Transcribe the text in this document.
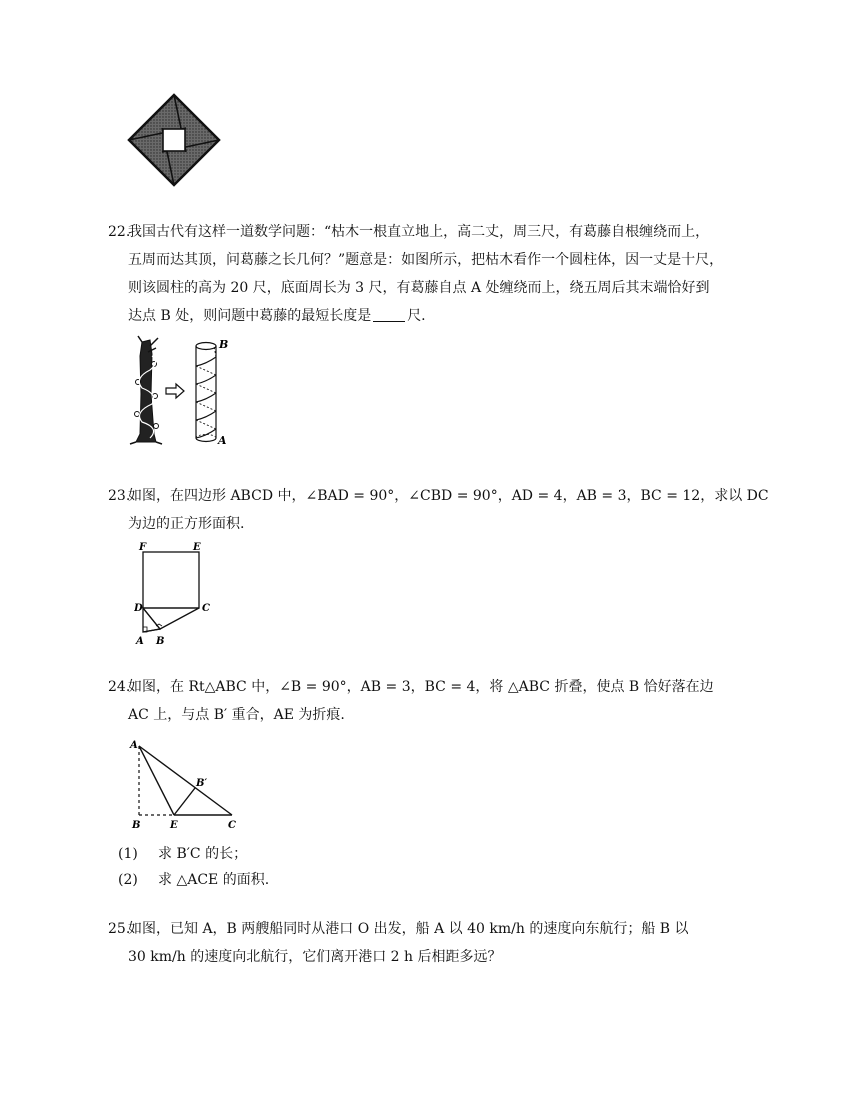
22.
我国古代有这样一道数学问题：“枯木一根直立地上，高二丈，周三尺，有葛藤自根缠绕而上，
五周而达其顶，问葛藤之长几何？”题意是：如图所示，把枯木看作一个圆柱体，因一丈是十尺，
则该圆柱的高为 20 尺，底面周长为 3 尺，有葛藤自点 A 处缠绕而上，绕五周后其末端恰好到
达点 B 处，则问题中葛藤的最短长度是	尺.
B
A
23.
如图，在四边形 ABCD 中，∠BAD = 90°，∠CBD = 90°，AD = 4，AB = 3，BC = 12，求以 DC
为边的正方形面积.
F	E
D	C
A B
24.
如图，在 Rt△ABC 中，∠B = 90°，AB = 3，BC = 4，将 △ABC 折叠，使点 B 恰好落在边
AC 上，与点 B′ 重合，AE 为折痕.
A
B′
B	E	C
(1) 求 B′C 的长；
(2) 求 △ACE 的面积.
25.
如图，已知 A，B 两艘船同时从港口 O 出发，船 A 以 40 km/h 的速度向东航行；船 B 以
30 km/h 的速度向北航行，它们离开港口 2 h 后相距多远？
